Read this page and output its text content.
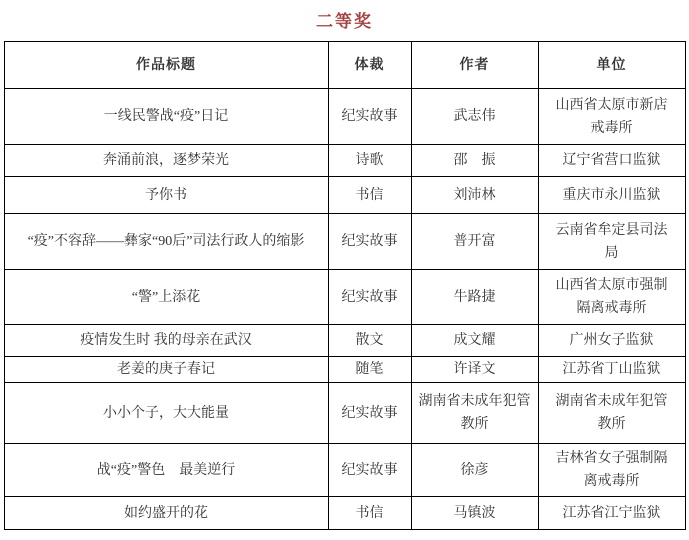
二等奖
作品标题	体裁	作者	单位
一线民警战“疫”日记	纪实故事	武志伟	山西省太原市新店戒毒所
奔涌前浪，逐梦荣光	诗歌	邵　振	辽宁省营口监狱
予你书	书信	刘沛林	重庆市永川监狱
“疫”不容辞——彝家“90后”司法行政人的缩影	纪实故事	普开富	云南省牟定县司法局
“警”上添花	纪实故事	牛路捷	山西省太原市强制隔离戒毒所
疫情发生时 我的母亲在武汉	散文	成文耀	广州女子监狱
老姜的庚子春记	随笔	许译文	江苏省丁山监狱
小小个子，大大能量	纪实故事	湖南省未成年犯管教所	湖南省未成年犯管教所
战“疫”警色　最美逆行	纪实故事	徐彦	吉林省女子强制隔离戒毒所
如约盛开的花	书信	马镇波	江苏省江宁监狱
